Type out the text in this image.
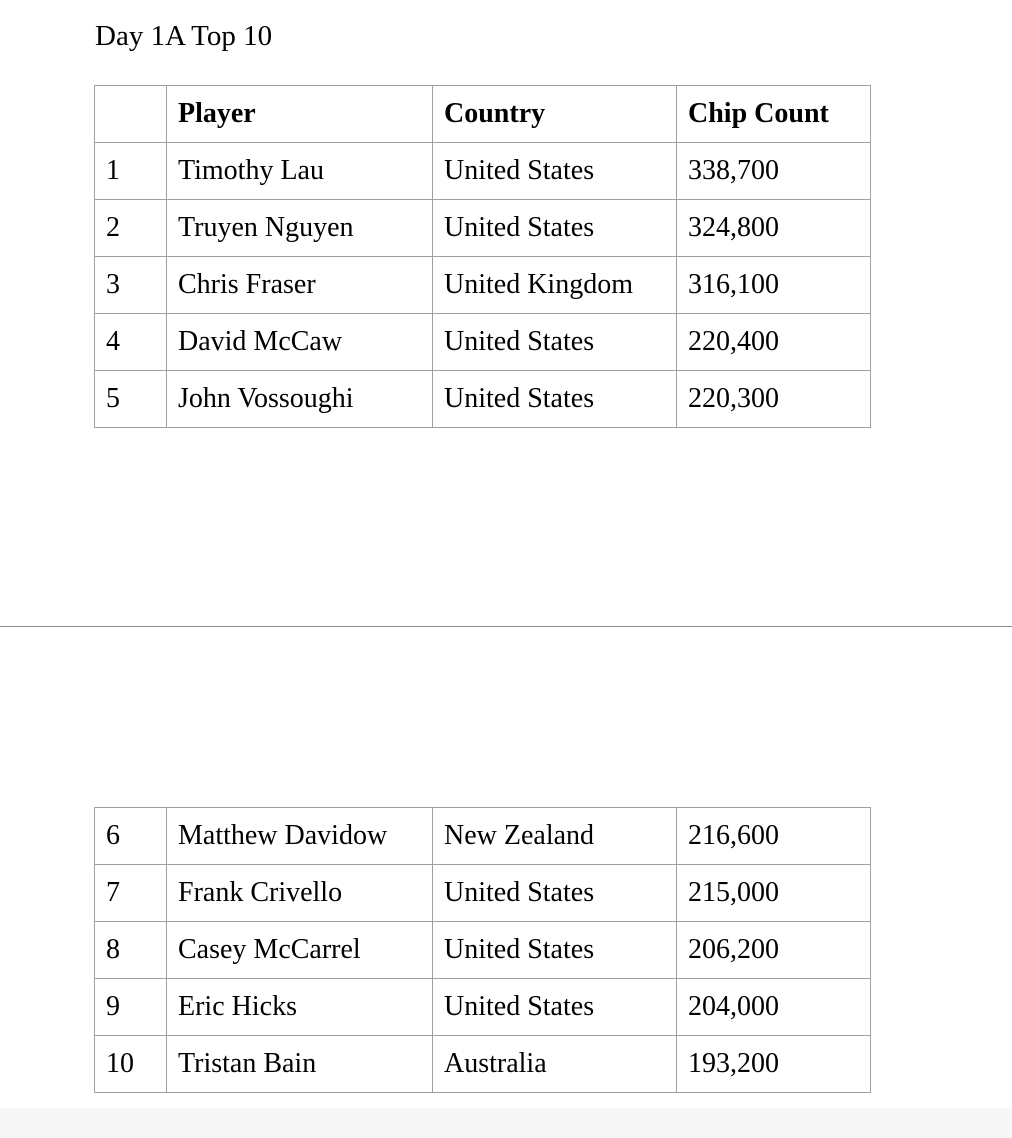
Day 1A Top 10
	Player	Country	Chip Count
1	Timothy Lau	United States	338,700
2	Truyen Nguyen	United States	324,800
3	Chris Fraser	United Kingdom	316,100
4	David McCaw	United States	220,400
5	John Vossoughi	United States	220,300
6	Matthew Davidow	New Zealand	216,600
7	Frank Crivello	United States	215,000
8	Casey McCarrel	United States	206,200
9	Eric Hicks	United States	204,000
10	Tristan Bain	Australia	193,200
